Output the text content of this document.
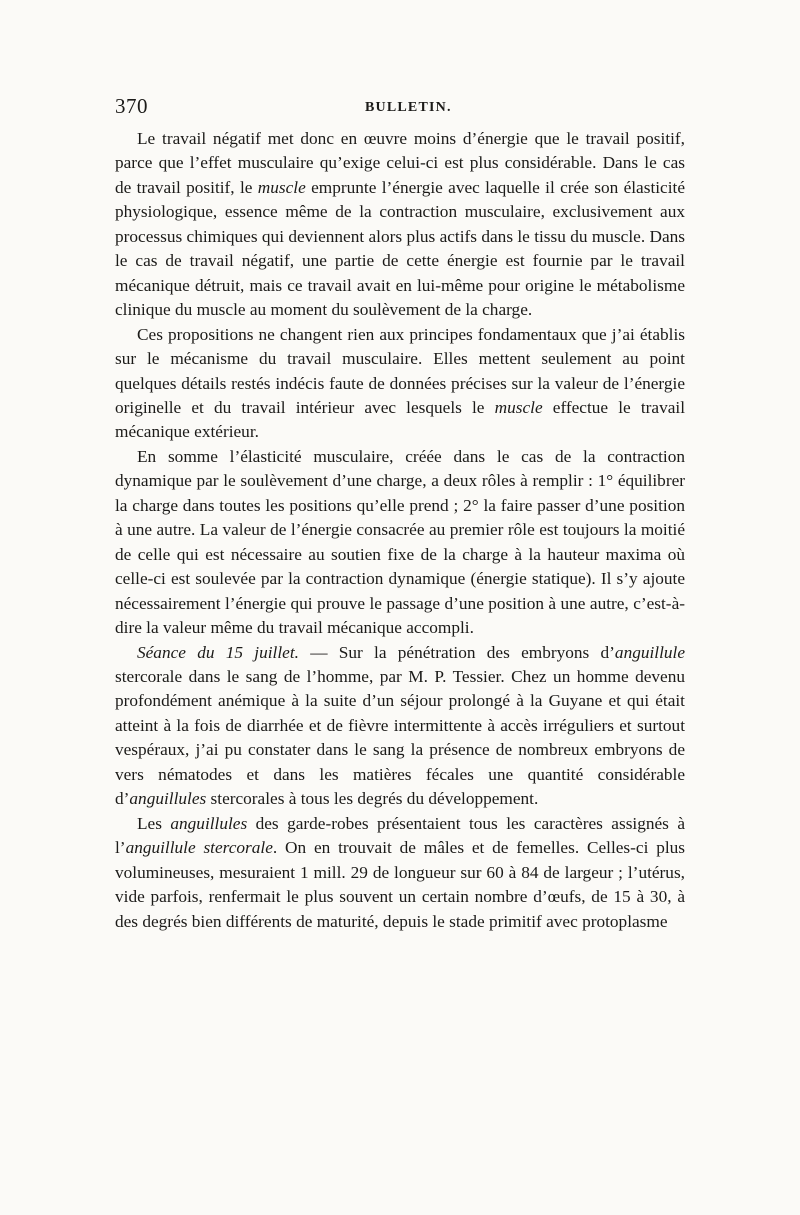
370	BULLETIN.

Le travail négatif met donc en œuvre moins d’énergie que le travail positif, parce que l’effet musculaire qu’exige celui-ci est plus considérable. Dans le cas de travail positif, le muscle emprunte l’énergie avec laquelle il crée son élasticité physiologique, essence même de la contraction musculaire, exclusivement aux processus chimiques qui deviennent alors plus actifs dans le tissu du muscle. Dans le cas de travail négatif, une partie de cette énergie est fournie par le travail mécanique détruit, mais ce travail avait en lui-même pour origine le métabolisme clinique du muscle au moment du soulèvement de la charge.

Ces propositions ne changent rien aux principes fondamentaux que j’ai établis sur le mécanisme du travail musculaire. Elles mettent seulement au point quelques détails restés indécis faute de données précises sur la valeur de l’énergie originelle et du travail intérieur avec lesquels le muscle effectue le travail mécanique extérieur.

En somme l’élasticité musculaire, créée dans le cas de la contraction dynamique par le soulèvement d’une charge, a deux rôles à remplir : 1° équilibrer la charge dans toutes les positions qu’elle prend ; 2° la faire passer d’une position à une autre. La valeur de l’énergie consacrée au premier rôle est toujours la moitié de celle qui est nécessaire au soutien fixe de la charge à la hauteur maxima où celle-ci est soulevée par la contraction dynamique (énergie statique). Il s’y ajoute nécessairement l’énergie qui prouve le passage d’une position à une autre, c’est-à-dire la valeur même du travail mécanique accompli.

Séance du 15 juillet. — Sur la pénétration des embryons d’anguillule stercorale dans le sang de l’homme, par M. P. Tessier. Chez un homme devenu profondément anémique à la suite d’un séjour prolongé à la Guyane et qui était atteint à la fois de diarrhée et de fièvre intermittente à accès irréguliers et surtout vespéraux, j’ai pu constater dans le sang la présence de nombreux embryons de vers nématodes et dans les matières fécales une quantité considérable d’anguillules stercorales à tous les degrés du développement.

Les anguillules des garde-robes présentaient tous les caractères assignés à l’anguillule stercorale. On en trouvait de mâles et de femelles. Celles-ci plus volumineuses, mesuraient 1 mill. 29 de longueur sur 60 à 84 de largeur ; l’utérus, vide parfois, renfermait le plus souvent un certain nombre d’œufs, de 15 à 30, à des degrés bien différents de maturité, depuis le stade primitif avec protoplasme
